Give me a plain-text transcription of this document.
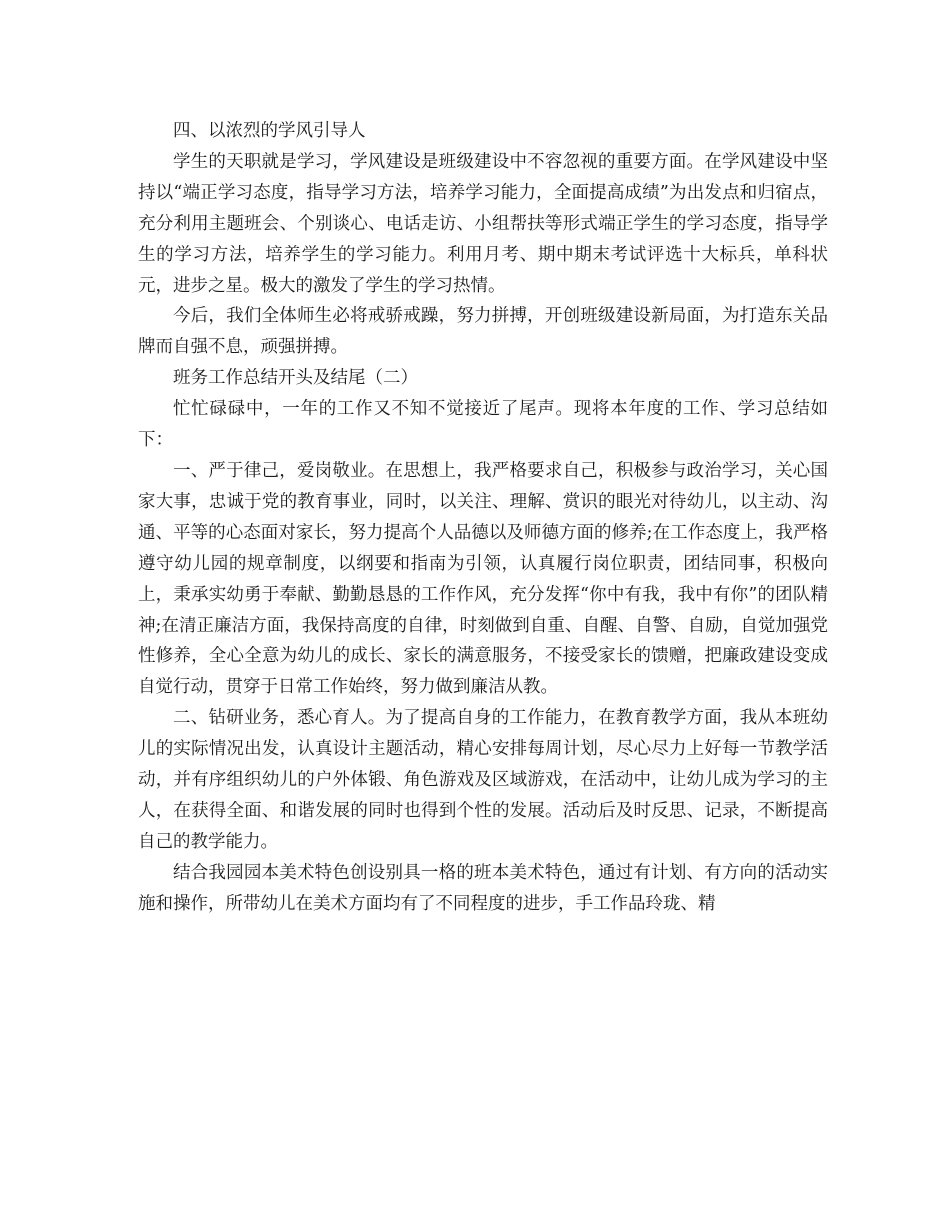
四、以浓烈的学风引导人

学生的天职就是学习，学风建设是班级建设中不容忽视的重要方面。在学风建设中坚持以“端正学习态度，指导学习方法，培养学习能力，全面提高成绩”为出发点和归宿点，充分利用主题班会、个别谈心、电话走访、小组帮扶等形式端正学生的学习态度，指导学生的学习方法，培养学生的学习能力。利用月考、期中期末考试评选十大标兵，单科状元，进步之星。极大的激发了学生的学习热情。

今后，我们全体师生必将戒骄戒躁，努力拼搏，开创班级建设新局面，为打造东关品牌而自强不息，顽强拼搏。

班务工作总结开头及结尾（二）

忙忙碌碌中，一年的工作又不知不觉接近了尾声。现将本年度的工作、学习总结如下：

一、严于律己，爱岗敬业。在思想上，我严格要求自己，积极参与政治学习，关心国家大事，忠诚于党的教育事业，同时，以关注、理解、赏识的眼光对待幼儿，以主动、沟通、平等的心态面对家长，努力提高个人品德以及师德方面的修养;在工作态度上，我严格遵守幼儿园的规章制度，以纲要和指南为引领，认真履行岗位职责，团结同事，积极向上，秉承实幼勇于奉献、勤勤恳恳的工作作风，充分发挥“你中有我，我中有你”的团队精神;在清正廉洁方面，我保持高度的自律，时刻做到自重、自醒、自警、自励，自觉加强党性修养，全心全意为幼儿的成长、家长的满意服务，不接受家长的馈赠，把廉政建设变成自觉行动，贯穿于日常工作始终，努力做到廉洁从教。

二、钻研业务，悉心育人。为了提高自身的工作能力，在教育教学方面，我从本班幼儿的实际情况出发，认真设计主题活动，精心安排每周计划，尽心尽力上好每一节教学活动，并有序组织幼儿的户外体锻、角色游戏及区域游戏，在活动中，让幼儿成为学习的主人，在获得全面、和谐发展的同时也得到个性的发展。活动后及时反思、记录，不断提高自己的教学能力。

结合我园园本美术特色创设别具一格的班本美术特色，通过有计划、有方向的活动实施和操作，所带幼儿在美术方面均有了不同程度的进步，手工作品玲珑、精
